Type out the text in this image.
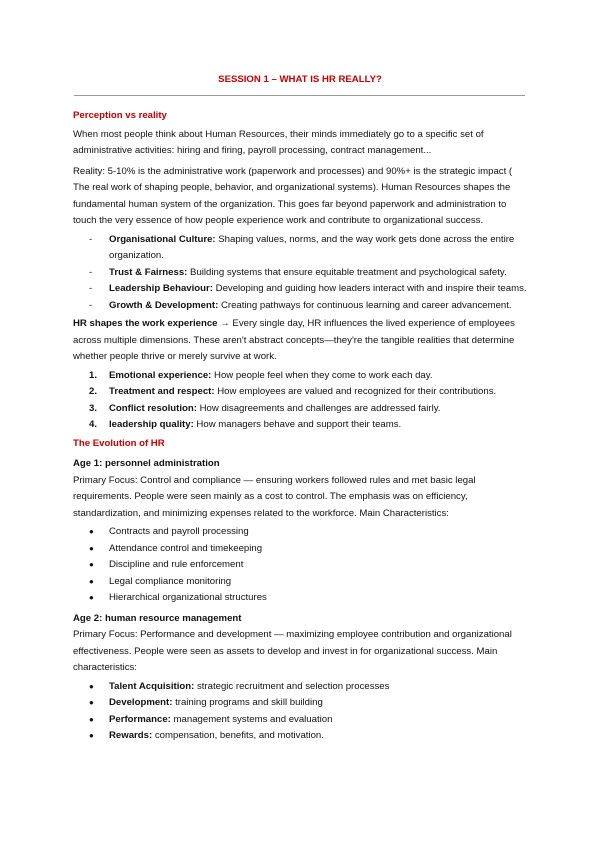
SESSION 1 – WHAT IS HR REALLY?
Perception vs reality

When most people think about Human Resources, their minds immediately go to a specific set of administrative activities: hiring and firing, payroll processing, contract management...

Reality: 5-10% is the administrative work (paperwork and processes) and 90%+ is the strategic impact ( The real work of shaping people, behavior, and organizational systems). Human Resources shapes the fundamental human system of the organization. This goes far beyond paperwork and administration to touch the very essence of how people experience work and contribute to organizational success.

- Organisational Culture: Shaping values, norms, and the way work gets done across the entire organization.
- Trust & Fairness: Building systems that ensure equitable treatment and psychological safety.
- Leadership Behaviour: Developing and guiding how leaders interact with and inspire their teams.
- Growth & Development: Creating pathways for continuous learning and career advancement.

HR shapes the work experience → Every single day, HR influences the lived experience of employees across multiple dimensions. These aren't abstract concepts—they're the tangible realities that determine whether people thrive or merely survive at work.

1. Emotional experience: How people feel when they come to work each day.
2. Treatment and respect: How employees are valued and recognized for their contributions.
3. Conflict resolution: How disagreements and challenges are addressed fairly.
4. leadership quality: How managers behave and support their teams.
The Evolution of HR
Age 1: personnel administration

Primary Focus: Control and compliance — ensuring workers followed rules and met basic legal requirements. People were seen mainly as a cost to control. The emphasis was on efficiency, standardization, and minimizing expenses related to the workforce. Main Characteristics:

● Contracts and payroll processing
● Attendance control and timekeeping
● Discipline and rule enforcement
● Legal compliance monitoring
● Hierarchical organizational structures
Age 2: human resource management

Primary Focus: Performance and development — maximizing employee contribution and organizational effectiveness. People were seen as assets to develop and invest in for organizational success. Main characteristics:

● Talent Acquisition: strategic recruitment and selection processes
● Development: training programs and skill building
● Performance: management systems and evaluation
● Rewards: compensation, benefits, and motivation.
